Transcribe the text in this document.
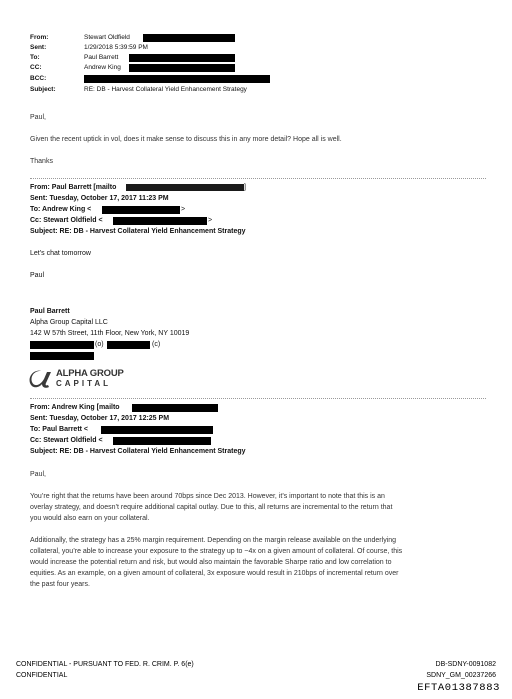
From:	Stewart Oldfield
Sent:	1/29/2018 5:39:59 PM
To:	Paul Barrett
CC:	Andrew King
BCC:
Subject:	RE: DB - Harvest Collateral Yield Enhancement Strategy
Paul,
Given the recent uptick in vol, does it make sense to discuss this in any more detail? Hope all is well.
Thanks
From: Paul Barrett [mailto	]
Sent: Tuesday, October 17, 2017 11:23 PM
To: Andrew King <	>
Cc: Stewart Oldfield <	>
Subject: RE: DB - Harvest Collateral Yield Enhancement Strategy
Let’s chat tomorrow
Paul
Paul Barrett
Alpha Group Capital LLC
142 W 57th Street, 11th Floor, New York, NY 10019
(o)	(c)
ALPHA GROUP
CAPITAL
From: Andrew King [mailto
Sent: Tuesday, October 17, 2017 12:25 PM
To: Paul Barrett <
Cc: Stewart Oldfield <
Subject: RE: DB - Harvest Collateral Yield Enhancement Strategy
Paul,
You’re right that the returns have been around 70bps since Dec 2013. However, it’s important to note that this is an
overlay strategy, and doesn’t require additional capital outlay. Due to this, all returns are incremental to the return that
you would also earn on your collateral.
Additionally, the strategy has a 25% margin requirement. Depending on the margin release available on the underlying
collateral, you’re able to increase your exposure to the strategy up to ~4x on a given amount of collateral. Of course, this
would increase the potential return and risk, but would also maintain the favorable Sharpe ratio and low correlation to
equities. As an example, on a given amount of collateral, 3x exposure would result in 210bps of incremental return over
the past four years.
CONFIDENTIAL - PURSUANT TO FED. R. CRIM. P. 6(e)
CONFIDENTIAL
DB-SDNY-0091082
SDNY_GM_00237266
EFTA01387883
